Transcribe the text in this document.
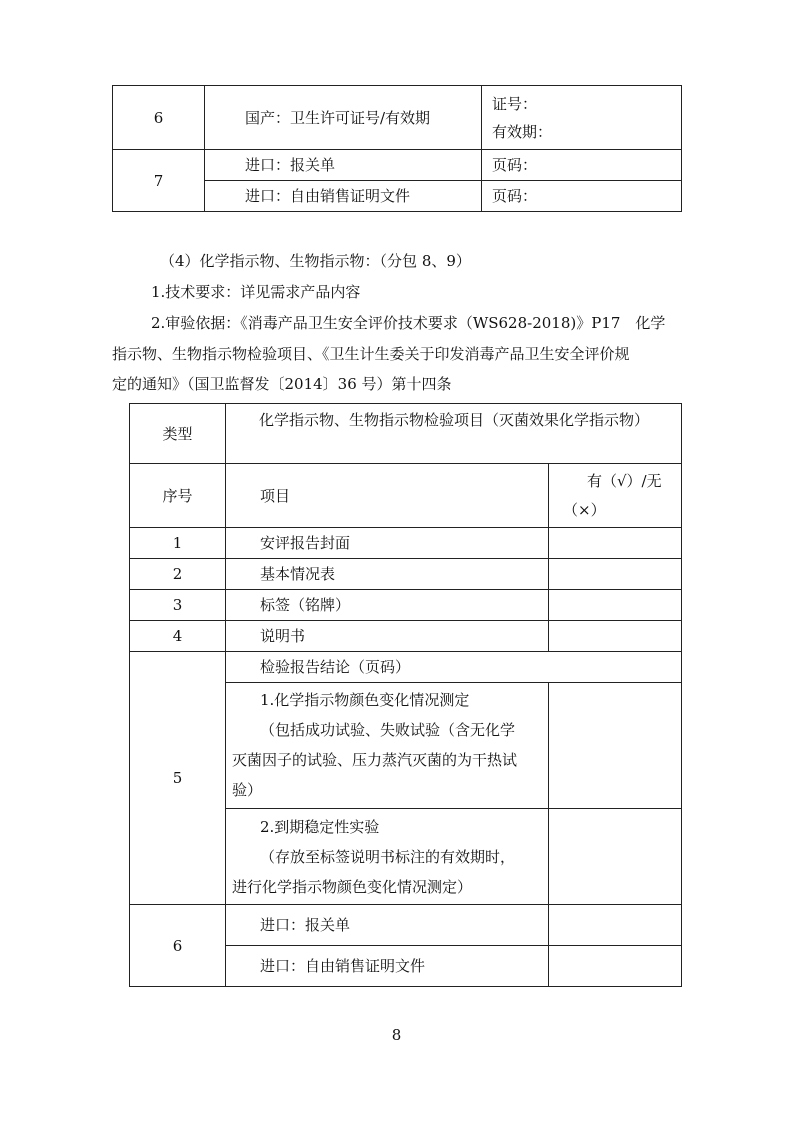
6	国产：卫生许可证号/有效期	证号：
有效期：

7	进口：报关单	页码：
	进口：自由销售证明文件	页码：
（4）化学指示物、生物指示物：（分包 8、9）
1.技术要求：详见需求产品内容
2.审验依据：《消毒产品卫生安全评价技术要求（WS628-2018)》P17　化学
指示物、生物指示物检验项目、《卫生计生委关于印发消毒产品卫生安全评价规
定的通知》（国卫监督发〔2014〕36 号）第十四条
类型	化学指示物、生物指示物检验项目（灭菌效果化学指示物）	
序号	项目	有（√）/无
（×）

1	安评报告封面	
2	基本情况表	
3	标签（铭牌）	
4	说明书	
5	检验报告结论（页码）	

	1.化学指示物颜色变化情况测定
（包括成功试验、失败试验（含无化学
灭菌因子的试验、压力蒸汽灭菌的为干热试
验）	

	2.到期稳定性实验
（存放至标签说明书标注的有效期时，
进行化学指示物颜色变化情况测定）	

6	进口：报关单	
	进口：自由销售证明文件	
8
